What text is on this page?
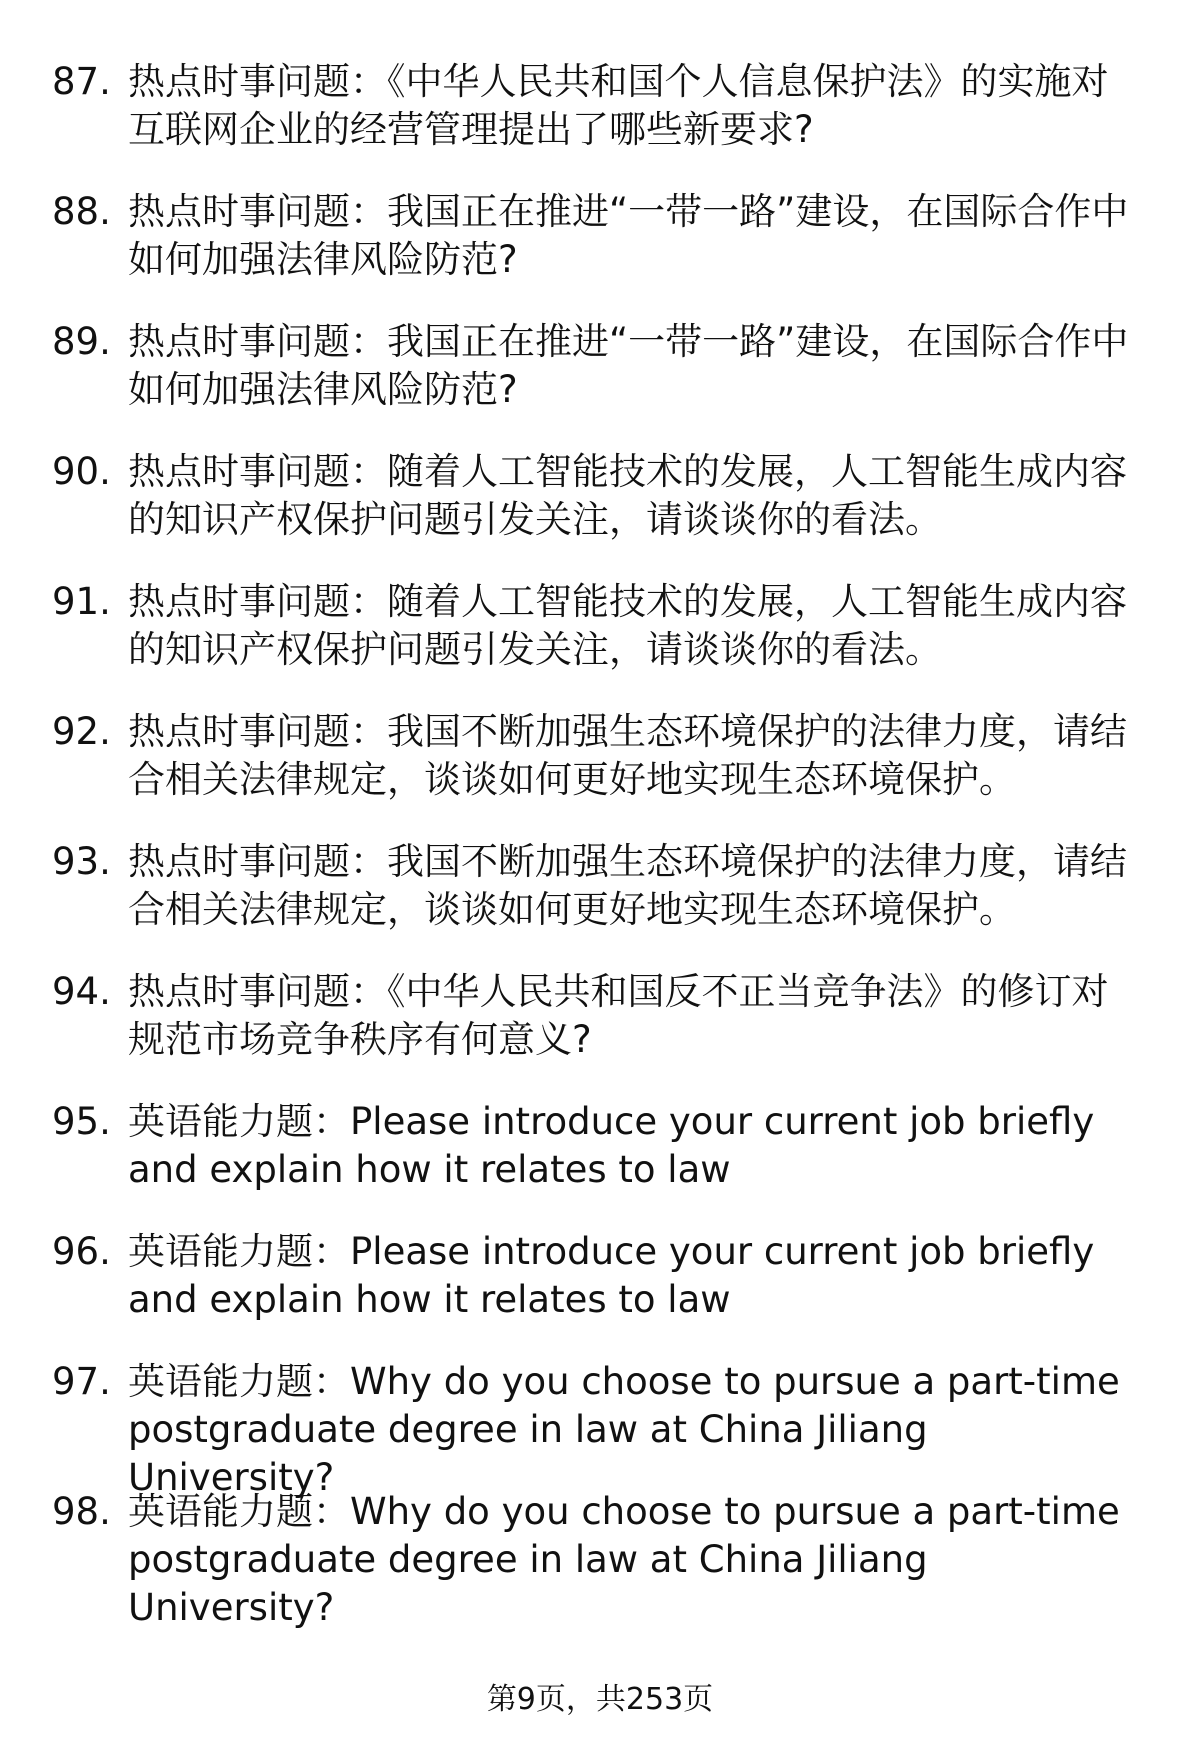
87. 热点时事问题：《中华人民共和国个人信息保护法》的实施对互联网企业的经营管理提出了哪些新要求?
88. 热点时事问题：我国正在推进“一带一路”建设，在国际合作中如何加强法律风险防范?
89. 热点时事问题：我国正在推进“一带一路”建设，在国际合作中如何加强法律风险防范?
90. 热点时事问题：随着人工智能技术的发展，人工智能生成内容的知识产权保护问题引发关注，请谈谈你的看法。
91. 热点时事问题：随着人工智能技术的发展，人工智能生成内容的知识产权保护问题引发关注，请谈谈你的看法。
92. 热点时事问题：我国不断加强生态环境保护的法律力度，请结合相关法律规定，谈谈如何更好地实现生态环境保护。
93. 热点时事问题：我国不断加强生态环境保护的法律力度，请结合相关法律规定，谈谈如何更好地实现生态环境保护。
94. 热点时事问题：《中华人民共和国反不正当竞争法》的修订对规范市场竞争秩序有何意义?
95. 英语能力题：Please introduce your current job briefly and explain how it relates to law
96. 英语能力题：Please introduce your current job briefly and explain how it relates to law
97. 英语能力题：Why do you choose to pursue a part-time postgraduate degree in law at China Jiliang University?
98. 英语能力题：Why do you choose to pursue a part-time postgraduate degree in law at China Jiliang University?
第9页，共253页
